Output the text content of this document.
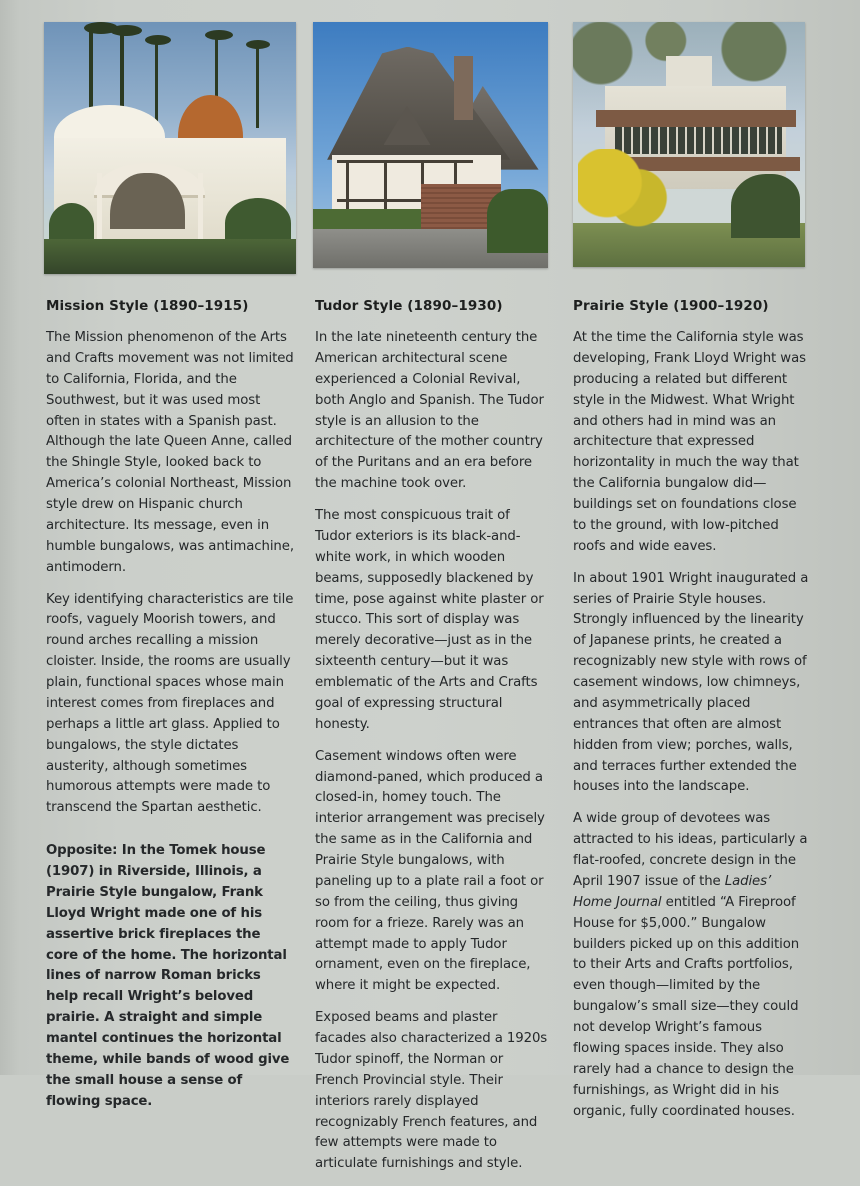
Mission Style (1890–1915)

The Mission phenomenon of the Arts and Crafts movement was not limited to California, Florida, and the Southwest, but it was used most often in states with a Spanish past. Although the late Queen Anne, called the Shingle Style, looked back to America’s colonial Northeast, Mission style drew on Hispanic church architecture. Its message, even in humble bungalows, was antimachine, antimodern.

Key identifying characteristics are tile roofs, vaguely Moorish towers, and round arches recalling a mission cloister. Inside, the rooms are usually plain, functional spaces whose main interest comes from fireplaces and perhaps a little art glass. Applied to bungalows, the style dictates austerity, although sometimes humorous attempts were made to transcend the Spartan aesthetic.

Opposite: In the Tomek house (1907) in Riverside, Illinois, a Prairie Style bungalow, Frank Lloyd Wright made one of his assertive brick fireplaces the core of the home. The horizontal lines of narrow Roman bricks help recall Wright’s beloved prairie. A straight and simple mantel continues the horizontal theme, while bands of wood give the small house a sense of flowing space.

Tudor Style (1890–1930)

In the late nineteenth century the American architectural scene experienced a Colonial Revival, both Anglo and Spanish. The Tudor style is an allusion to the architecture of the mother country of the Puritans and an era before the machine took over.

The most conspicuous trait of Tudor exteriors is its black-and-white work, in which wooden beams, supposedly blackened by time, pose against white plaster or stucco. This sort of display was merely decorative—just as in the sixteenth century—but it was emblematic of the Arts and Crafts goal of expressing structural honesty.

Casement windows often were diamond-paned, which produced a closed-in, homey touch. The interior arrangement was precisely the same as in the California and Prairie Style bungalows, with paneling up to a plate rail a foot or so from the ceiling, thus giving room for a frieze. Rarely was an attempt made to apply Tudor ornament, even on the fireplace, where it might be expected.

Exposed beams and plaster facades also characterized a 1920s Tudor spinoff, the Norman or French Provincial style. Their interiors rarely displayed recognizably French features, and few attempts were made to articulate furnishings and style.

Prairie Style (1900–1920)

At the time the California style was developing, Frank Lloyd Wright was producing a related but different style in the Midwest. What Wright and others had in mind was an architecture that expressed horizontality in much the way that the California bungalow did—buildings set on foundations close to the ground, with low-pitched roofs and wide eaves.

In about 1901 Wright inaugurated a series of Prairie Style houses. Strongly influenced by the linearity of Japanese prints, he created a recognizably new style with rows of casement windows, low chimneys, and asymmetrically placed entrances that often are almost hidden from view; porches, walls, and terraces further extended the houses into the landscape.

A wide group of devotees was attracted to his ideas, particularly a flat-roofed, concrete design in the April 1907 issue of the Ladies’ Home Journal entitled “A Fireproof House for $5,000.” Bungalow builders picked up on this addition to their Arts and Crafts portfolios, even though—limited by the bungalow’s small size—they could not develop Wright’s famous flowing spaces inside. They also rarely had a chance to design the furnishings, as Wright did in his organic, fully coordinated houses.
